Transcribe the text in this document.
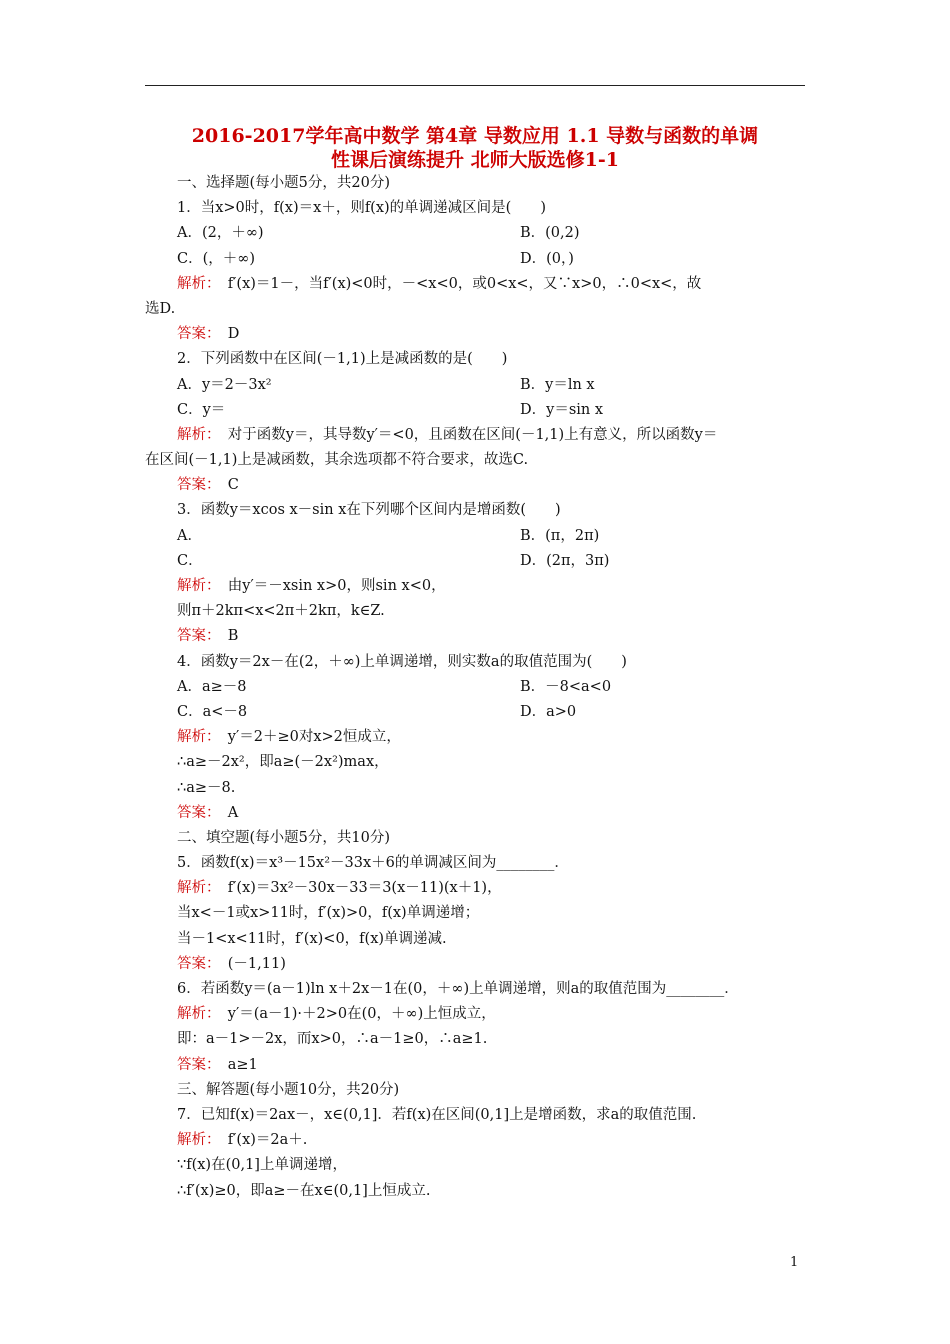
2016-2017学年高中数学 第4章 导数应用 1.1 导数与函数的单调
性课后演练提升 北师大版选修1-1
一、选择题(每小题5分，共20分)
1．当x>0时，f(x)＝x＋，则f(x)的单调递减区间是(　　)
A．(2，＋∞)	B．(0,2)
C．(，＋∞)	D．(0，)
解析：　 f′(x)＝1－，当f′(x)<0时，－<x<0，或0<x<，又∵x>0，∴0<x<，故
选D.
答案：　 D
2．下列函数中在区间(－1,1)上是减函数的是(　　)
A．y＝2－3x²	B．y＝ln x
C．y＝	D．y＝sin x
解析：　 对于函数y＝，其导数y′＝<0，且函数在区间(－1,1)上有意义，所以函数y＝
在区间(－1,1)上是减函数，其余选项都不符合要求，故选C.
答案：　 C
3．函数y＝xcos x－sin x在下列哪个区间内是增函数(　　)
A．	B．(π，2π)
C．	D．(2π，3π)
解析：　 由y′＝－xsin x>0，则sin x<0，
则π＋2kπ<x<2π＋2kπ，k∈Z.
答案：　 B
4．函数y＝2x－在(2，＋∞)上单调递增，则实数a的取值范围为(　　)
A．a≥－8	B．－8<a<0
C．a<－8	D．a>0
解析：　 y′＝2＋≥0对x>2恒成立，
∴a≥－2x²，即a≥(－2x²)max，
∴a≥－8.
答案：　 A
二、填空题(每小题5分，共10分)
5．函数f(x)＝x³－15x²－33x＋6的单调减区间为________．
解析：　 f′(x)＝3x²－30x－33＝3(x－11)(x＋1)，
当x<－1或x>11时，f′(x)>0，f(x)单调递增；
当－1<x<11时，f′(x)<0，f(x)单调递减.
答案：　 (－1,11)
6．若函数y＝(a－1)ln x＋2x－1在(0，＋∞)上单调递增，则a的取值范围为________．
解析：　 y′＝(a－1)·＋2>0在(0，＋∞)上恒成立，
即：a－1>－2x，而x>0，∴a－1≥0，∴a≥1.
答案：　 a≥1
三、解答题(每小题10分，共20分)
7．已知f(x)＝2ax－，x∈(0,1]．若f(x)在区间(0,1]上是增函数，求a的取值范围.
解析：　 f′(x)＝2a＋.
∵f(x)在(0,1]上单调递增，
∴f′(x)≥0，即a≥－在x∈(0,1]上恒成立.
1
